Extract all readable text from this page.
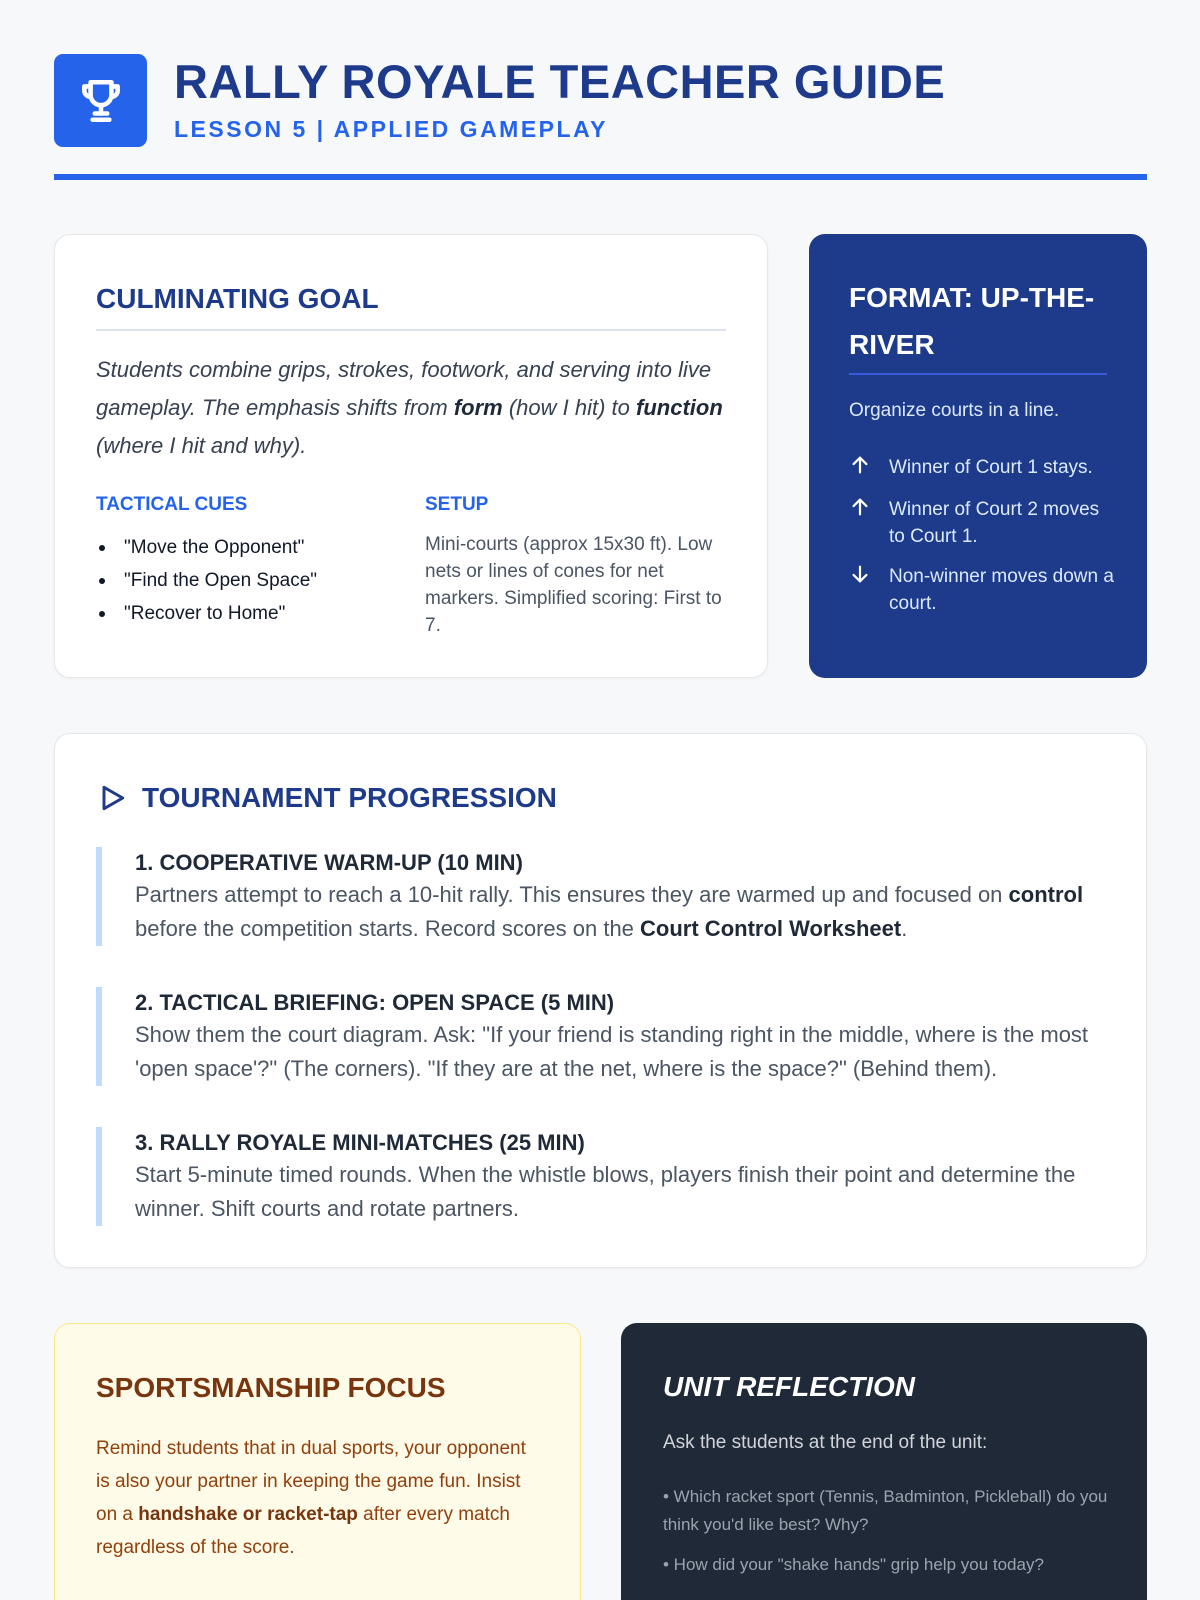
RALLY ROYALE TEACHER GUIDE
LESSON 5 | APPLIED GAMEPLAY
CULMINATING GOAL
Students combine grips, strokes, footwork, and serving into live gameplay. The emphasis shifts from form (how I hit) to function (where I hit and why).
TACTICAL CUES
"Move the Opponent"
"Find the Open Space"
"Recover to Home"
SETUP
Mini-courts (approx 15x30 ft). Low nets or lines of cones for net markers. Simplified scoring: First to 7.
FORMAT: UP-THE-RIVER
Organize courts in a line.
Winner of Court 1 stays.
Winner of Court 2 moves to Court 1.
Non-winner moves down a court.
TOURNAMENT PROGRESSION
1. COOPERATIVE WARM-UP (10 MIN)
Partners attempt to reach a 10-hit rally. This ensures they are warmed up and focused on control before the competition starts. Record scores on the Court Control Worksheet.
2. TACTICAL BRIEFING: OPEN SPACE (5 MIN)
Show them the court diagram. Ask: "If your friend is standing right in the middle, where is the most 'open space'?" (The corners). "If they are at the net, where is the space?" (Behind them).
3. RALLY ROYALE MINI-MATCHES (25 MIN)
Start 5-minute timed rounds. When the whistle blows, players finish their point and determine the winner. Shift courts and rotate partners.
SPORTSMANSHIP FOCUS
Remind students that in dual sports, your opponent is also your partner in keeping the game fun. Insist on a handshake or racket-tap after every match regardless of the score.
UNIT REFLECTION
Ask the students at the end of the unit:
• Which racket sport (Tennis, Badminton, Pickleball) do you think you'd like best? Why?
• How did your "shake hands" grip help you today?
